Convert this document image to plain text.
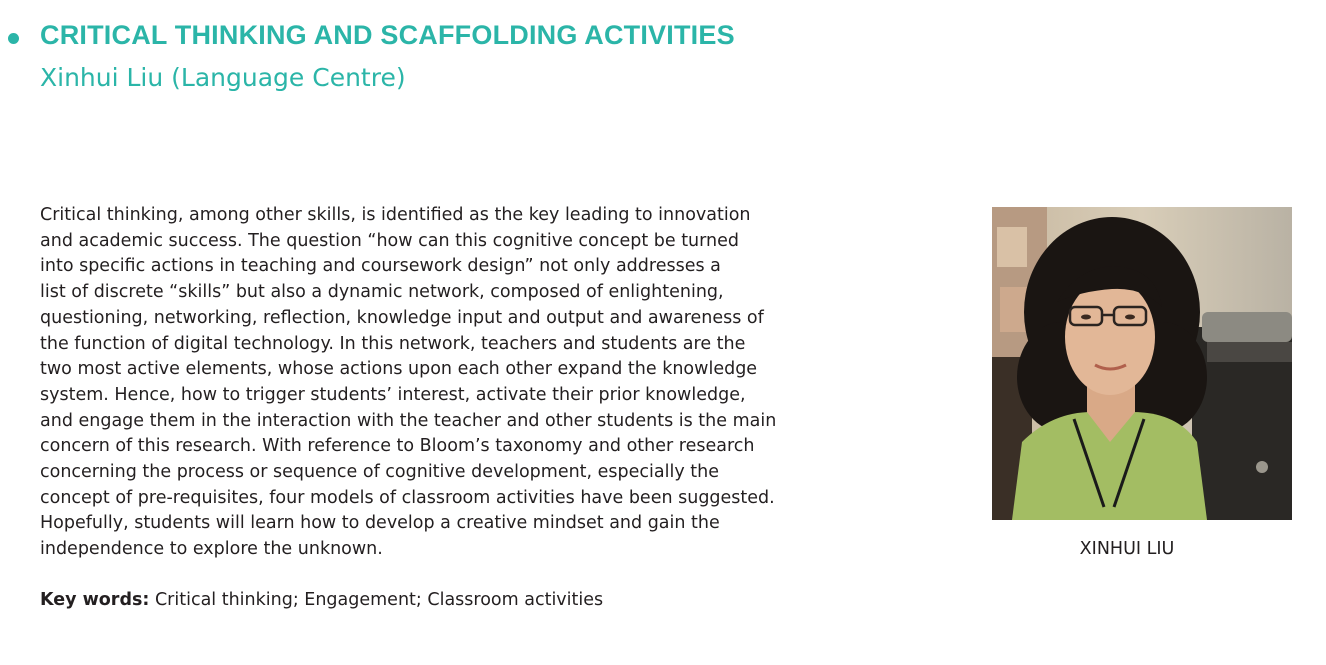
CRITICAL THINKING AND SCAFFOLDING ACTIVITIES
Xinhui Liu (Language Centre)

Critical thinking, among other skills, is identified as the key leading to innovation
and academic success. The question “how can this cognitive concept be turned
into specific actions in teaching and coursework design” not only addresses a
list of discrete “skills” but also a dynamic network, composed of enlightening,
questioning, networking, reflection, knowledge input and output and awareness of
the function of digital technology. In this network, teachers and students are the
two most active elements, whose actions upon each other expand the knowledge
system. Hence, how to trigger students’ interest, activate their prior knowledge,
and engage them in the interaction with the teacher and other students is the main
concern of this research. With reference to Bloom’s taxonomy and other research
concerning the process or sequence of cognitive development, especially the
concept of pre-requisites, four models of classroom activities have been suggested.
Hopefully, students will learn how to develop a creative mindset and gain the
independence to explore the unknown.

Key words: Critical thinking; Engagement; Classroom activities

XINHUI LIU
